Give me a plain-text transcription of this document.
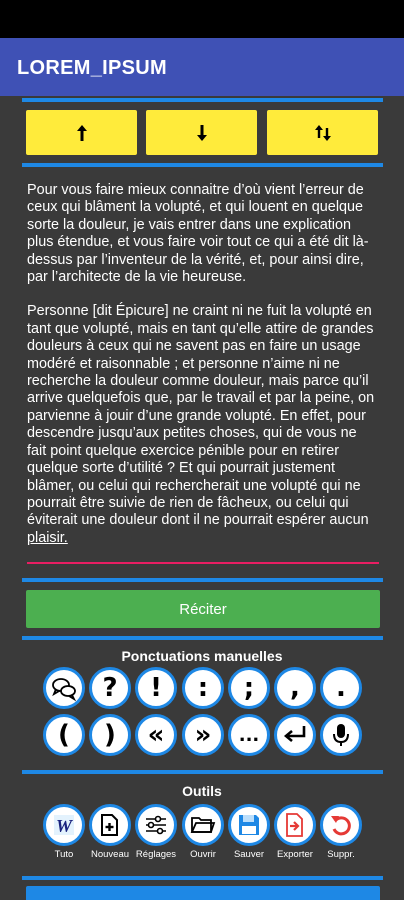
LOREM_IPSUM

Pour vous faire mieux connaitre d’où vient l’erreur de ceux qui blâment la volupté, et qui louent en quelque sorte la douleur, je vais entrer dans une explication plus étendue, et vous faire voir tout ce qui a été dit là-dessus par l’inventeur de la vérité, et, pour ainsi dire, par l’architecte de la vie heureuse.

Personne [dit Épicure] ne craint ni ne fuit la volupté en tant que volupté, mais en tant qu’elle attire de grandes douleurs à ceux qui ne savent pas en faire un usage modéré et raisonnable ; et personne n’aime ni ne recherche la douleur comme douleur, mais parce qu’il arrive quelquefois que, par le travail et par la peine, on parvienne à jouir d’une grande volupté. En effet, pour descendre jusqu’aux petites choses, qui de vous ne fait point quelque exercice pénible pour en retirer quelque sorte d’utilité ? Et qui pourrait justement blâmer, ou celui qui rechercherait une volupté qui ne pourrait être suivie de rien de fâcheux, ou celui qui éviterait une douleur dont il ne pourrait espérer aucun plaisir.

Réciter
Ponctuations manuelles
?	!	:	;	,	.
(	)	«	»	...
Outils
W
Tuto	Nouveau Réglages	Ouvrir	Sauver	Exporter	Suppr.
